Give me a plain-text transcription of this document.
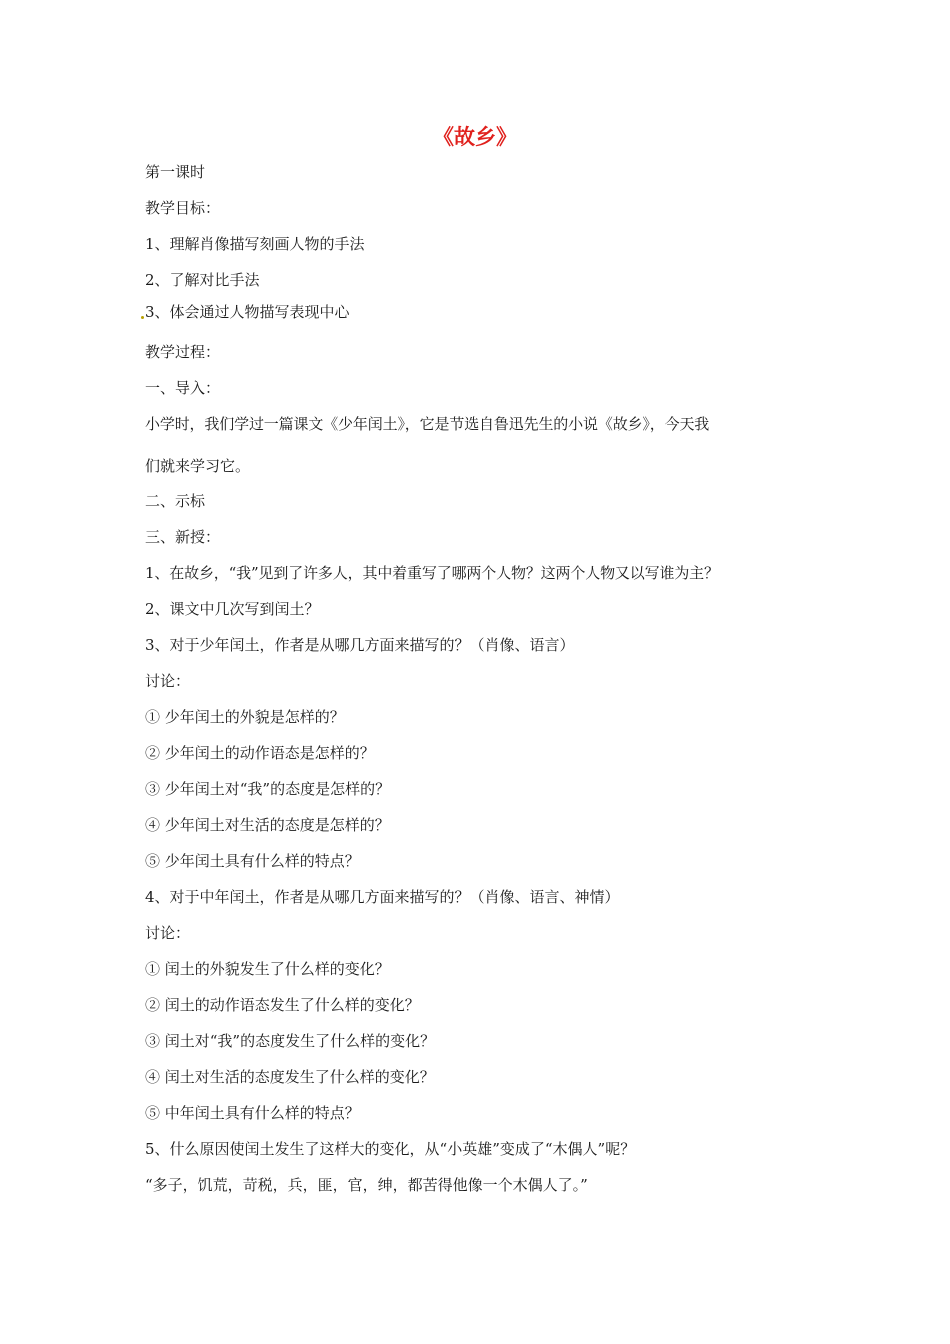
《故乡》
第一课时
教学目标：
1、理解肖像描写刻画人物的手法
2、了解对比手法
3、体会通过人物描写表现中心
教学过程：
一、导入：
小学时，我们学过一篇课文《少年闰土》，它是节选自鲁迅先生的小说《故乡》，今天我
们就来学习它。
二、示标
三、新授：
1、在故乡，“我”见到了许多人，其中着重写了哪两个人物？这两个人物又以写谁为主？
2、课文中几次写到闰土？
3、对于少年闰土，作者是从哪几方面来描写的？（肖像、语言）
讨论：
① 少年闰土的外貌是怎样的？
② 少年闰土的动作语态是怎样的？
③ 少年闰土对“我”的态度是怎样的？
④ 少年闰土对生活的态度是怎样的？
⑤ 少年闰土具有什么样的特点？
4、对于中年闰土，作者是从哪几方面来描写的？（肖像、语言、神情）
讨论：
① 闰土的外貌发生了什么样的变化？
② 闰土的动作语态发生了什么样的变化？
③ 闰土对“我”的态度发生了什么样的变化？
④ 闰土对生活的态度发生了什么样的变化？
⑤ 中年闰土具有什么样的特点？
5、什么原因使闰土发生了这样大的变化，从“小英雄”变成了“木偶人”呢？
“多子，饥荒，苛税，兵，匪，官，绅，都苦得他像一个木偶人了。”
